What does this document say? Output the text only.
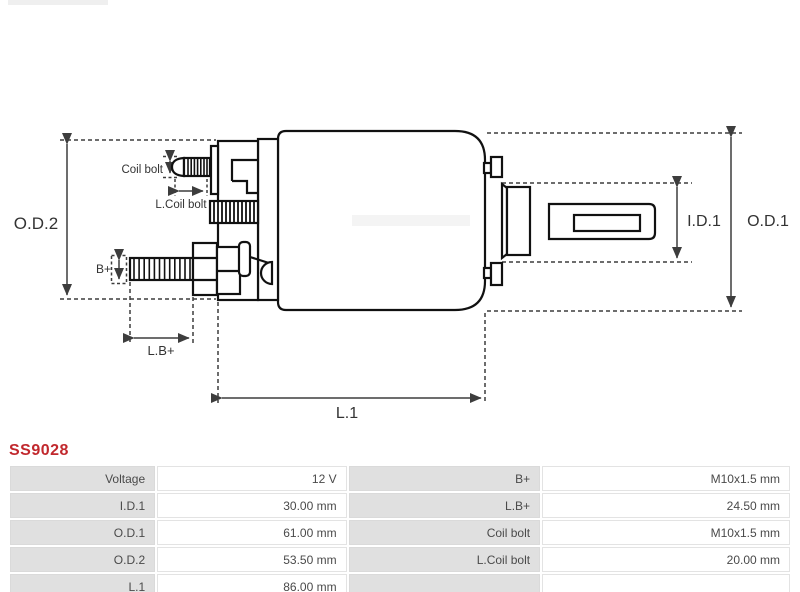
O.D.2	O.D.1
I.D.1
L.1
L.B+
B+
Coil bolt
L.Coil bolt
SS9028
Voltage	12 V	B+	M10x1.5 mm
I.D.1	30.00 mm	L.B+	24.50 mm
O.D.1	61.00 mm	Coil bolt	M10x1.5 mm
O.D.2	53.50 mm	L.Coil bolt	20.00 mm
L.1	86.00 mm		
